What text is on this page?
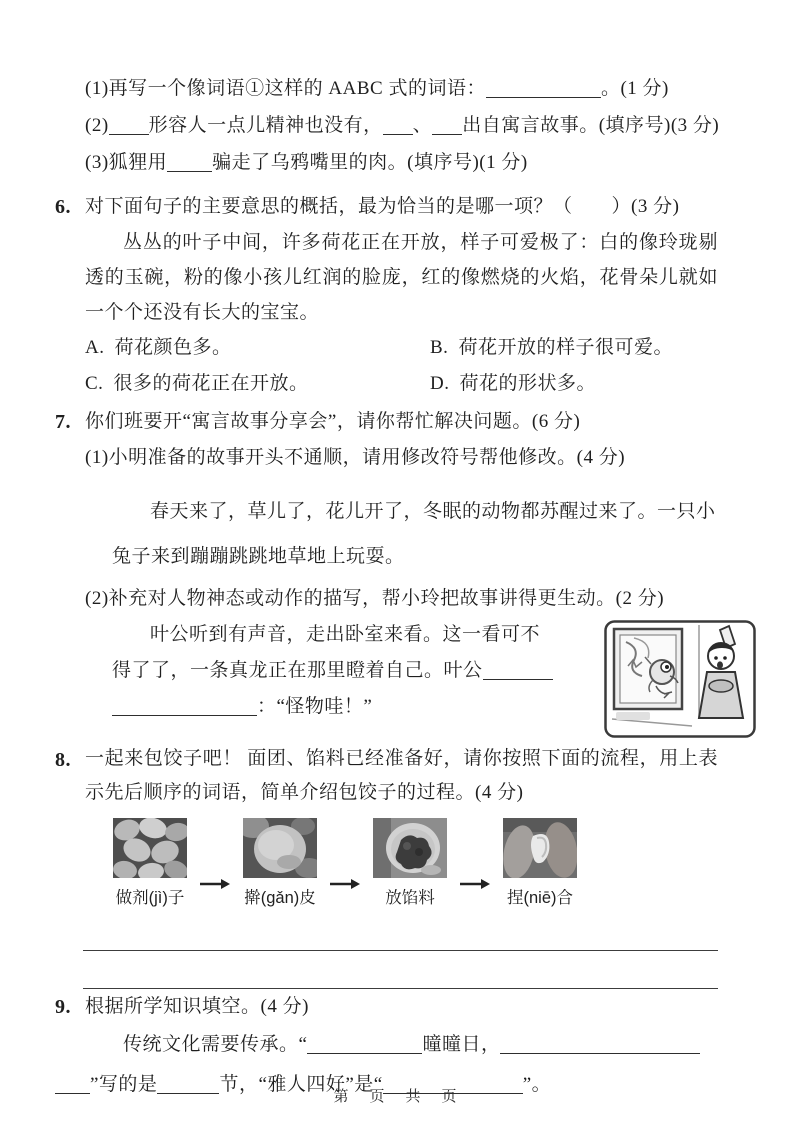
(1)再写一个像词语①这样的 AABC 式的词语：	。(1 分)
(2) 形容人一点儿精神也没有， 、 出自寓言故事。(填序号)(3 分)
(3)狐狸用 骗走了乌鸦嘴里的肉。(填序号)(1 分)
6. 对下面句子的主要意思的概括，最为恰当的是哪一项？（　　）(3 分)
丛丛的叶子中间，许多荷花正在开放，样子可爱极了：白的像玲珑剔透的玉碗，粉的像小孩儿红润的脸庞，红的像燃烧的火焰，花骨朵儿就如一个个还没有长大的宝宝。
A. 荷花颜色多。	B. 荷花开放的样子很可爱。
C. 很多的荷花正在开放。	D. 荷花的形状多。
7. 你们班要开“寓言故事分享会”，请你帮忙解决问题。(6 分)
(1)小明准备的故事开头不通顺，请用修改符号帮他修改。(4 分)
春天来了，草儿了，花儿开了，冬眠的动物都苏醒过来了。一只小兔子来到蹦蹦跳跳地草地上玩耍。
(2)补充对人物神态或动作的描写，帮小玲把故事讲得更生动。(2 分)
叶公听到有声音，走出卧室来看。这一看可不得了了，一条真龙正在那里瞪着自己。叶公：“怪物哇！”
8. 一起来包饺子吧！ 面团、馅料已经准备好，请你按照下面的流程，用上表示先后顺序的词语，简单介绍包饺子的过程。(4 分)
做剂(jì)子	擀(gǎn)皮	放馅料	捏(niē)合
9. 根据所学知识填空。(4 分)
传统文化需要传承。“	曈曈日，
”写的是	节，“雅人四好”是“	”。
第　页　共　页
